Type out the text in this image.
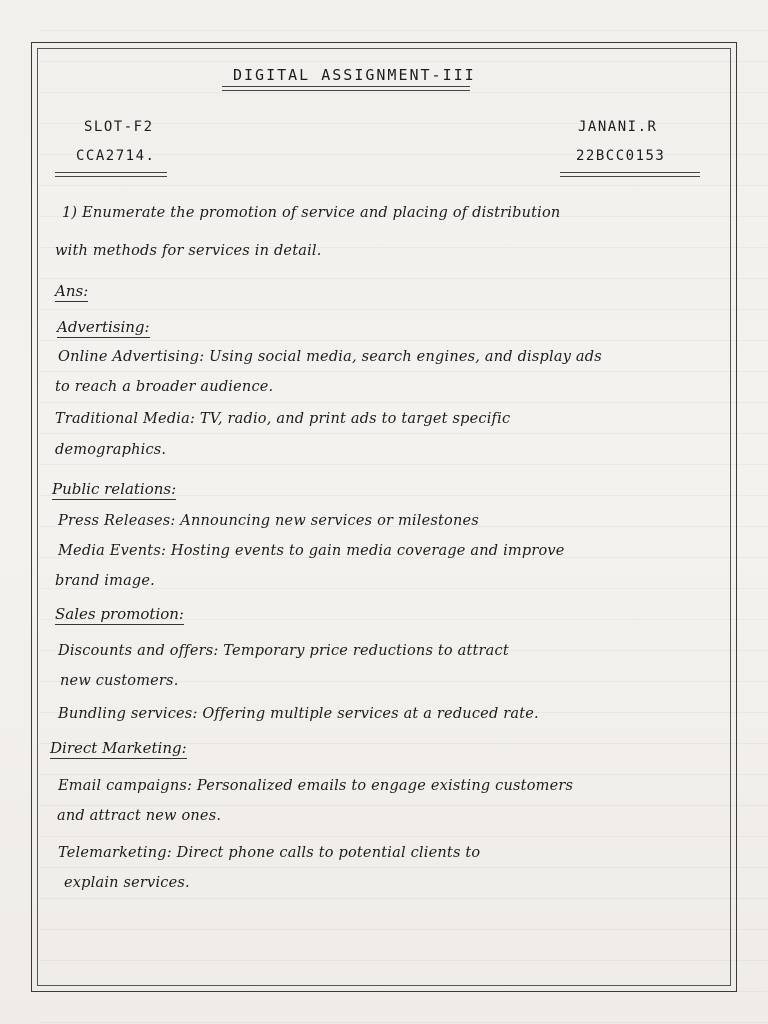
DIGITAL ASSIGNMENT-III
SLOT-F2
CCA2714.
JANANI.R
22BCC0153
1) Enumerate the promotion of service and placing of distribution
with methods for services in detail.
Ans:
Advertising:
Online Advertising: Using social media, search engines, and display ads
to reach a broader audience.
Traditional Media: TV, radio, and print ads to target specific
demographics.
Public relations:
Press Releases: Announcing new services or milestones
Media Events: Hosting events to gain media coverage and improve
brand image.
Sales promotion:
Discounts and offers: Temporary price reductions to attract
new customers.
Bundling services: Offering multiple services at a reduced rate.
Direct Marketing:
Email campaigns: Personalized emails to engage existing customers
and attract new ones.
Telemarketing: Direct phone calls to potential clients to
explain services.
